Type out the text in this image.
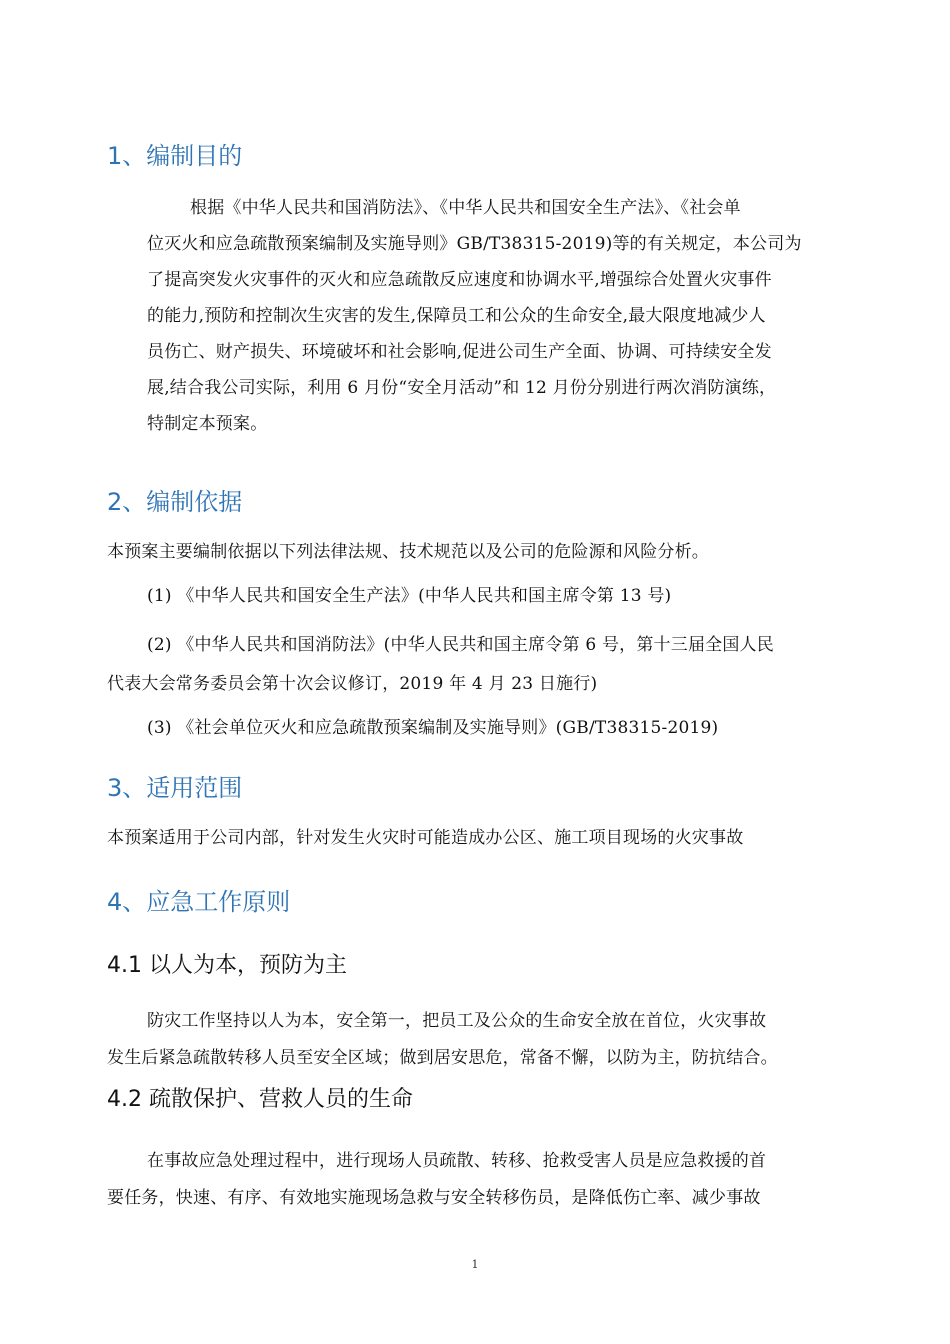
1、编制目的
根据《中华人民共和国消防法》、《中华人民共和国安全生产法》、《社会单
位灭火和应急疏散预案编制及实施导则》GB/T38315-2019)等的有关规定，本公司为
了提高突发火灾事件的灭火和应急疏散反应速度和协调水平,增强综合处置火灾事件
的能力,预防和控制次生灾害的发生,保障员工和公众的生命安全,最大限度地减少人
员伤亡、财产损失、环境破坏和社会影响,促进公司生产全面、协调、可持续安全发
展,结合我公司实际，利用 6 月份“安全月活动”和 12 月份分别进行两次消防演练，
特制定本预案。
2、编制依据

本预案主要编制依据以下列法律法规、技术规范以及公司的危险源和风险分析。

(1) 《中华人民共和国安全生产法》(中华人民共和国主席令第 13 号)

(2) 《中华人民共和国消防法》(中华人民共和国主席令第 6 号，第十三届全国人民

代表大会常务委员会第十次会议修订，2019 年 4 月 23 日施行)

(3) 《社会单位灭火和应急疏散预案编制及实施导则》(GB/T38315-2019)

3、适用范围

本预案适用于公司内部，针对发生火灾时可能造成办公区、施工项目现场的火灾事故

4、应急工作原则
4.1 以人为本，预防为主
防灾工作坚持以人为本，安全第一，把员工及公众的生命安全放在首位，火灾事故
发生后紧急疏散转移人员至安全区域；做到居安思危，常备不懈，以防为主，防抗结合。
4.2 疏散保护、营救人员的生命
在事故应急处理过程中，进行现场人员疏散、转移、抢救受害人员是应急救援的首
要任务，快速、有序、有效地实施现场急救与安全转移伤员，是降低伤亡率、减少事故
1
